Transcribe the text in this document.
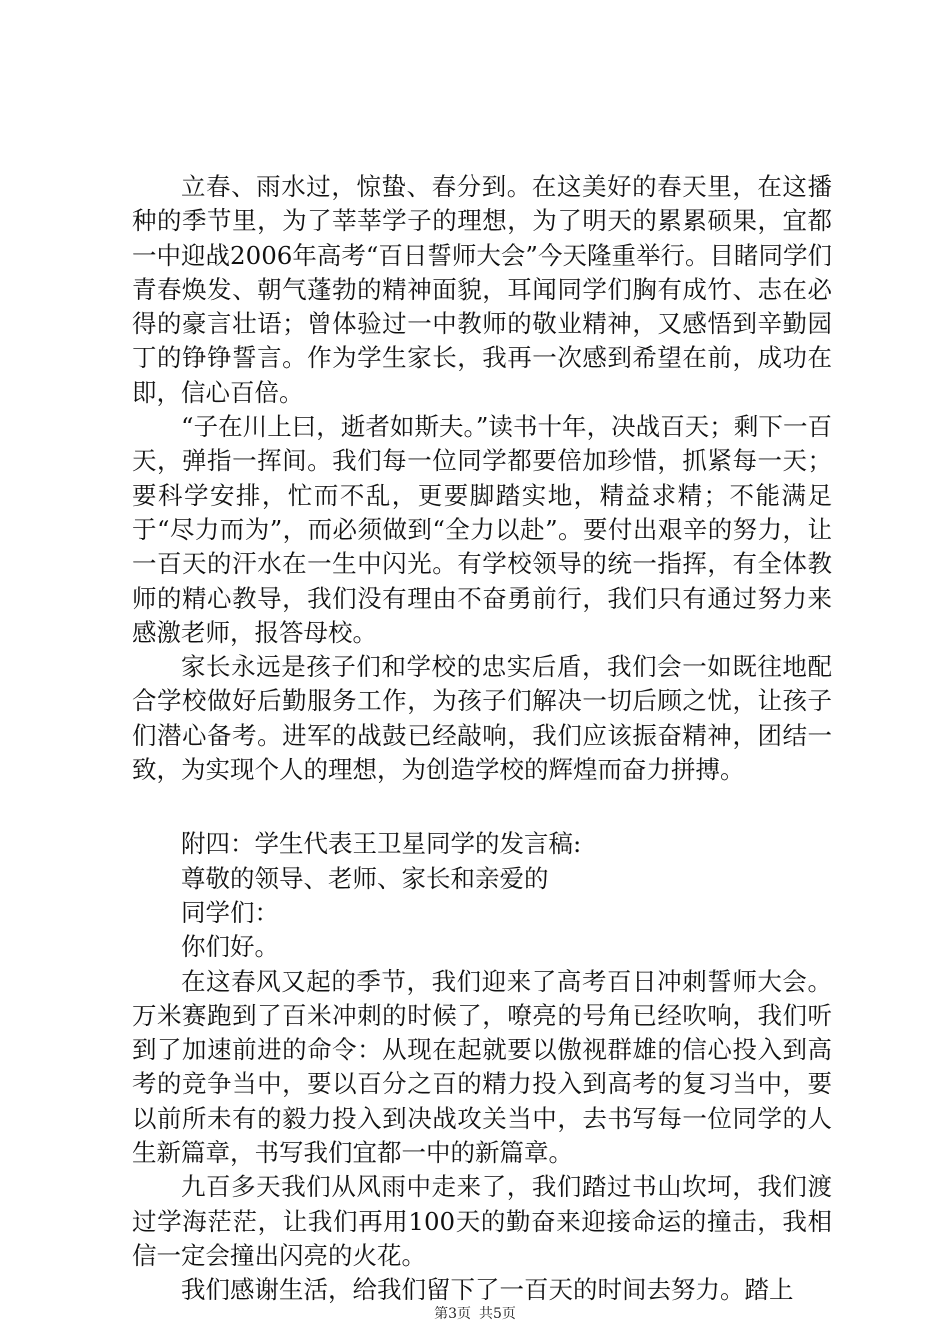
立春、雨水过，惊蛰、春分到。在这美好的春天里，在这播种的季节里，为了莘莘学子的理想，为了明天的累累硕果，宜都一中迎战2006年高考“百日誓师大会”今天隆重举行。目睹同学们青春焕发、朝气蓬勃的精神面貌，耳闻同学们胸有成竹、志在必得的豪言壮语；曾体验过一中教师的敬业精神，又感悟到辛勤园丁的铮铮誓言。作为学生家长，我再一次感到希望在前，成功在即，信心百倍。

“子在川上曰，逝者如斯夫。”读书十年，决战百天；剩下一百天，弹指一挥间。我们每一位同学都要倍加珍惜，抓紧每一天；要科学安排，忙而不乱，更要脚踏实地，精益求精；不能满足于“尽力而为”，而必须做到“全力以赴”。要付出艰辛的努力，让一百天的汗水在一生中闪光。有学校领导的统一指挥，有全体教师的精心教导，我们没有理由不奋勇前行，我们只有通过努力来感激老师，报答母校。

家长永远是孩子们和学校的忠实后盾，我们会一如既往地配合学校做好后勤服务工作，为孩子们解决一切后顾之忧，让孩子们潜心备考。进军的战鼓已经敲响，我们应该振奋精神，团结一致，为实现个人的理想，为创造学校的辉煌而奋力拼搏。

附四：学生代表王卫星同学的发言稿:

尊敬的领导、老师、家长和亲爱的

同学们：

你们好。

在这春风又起的季节，我们迎来了高考百日冲刺誓师大会。万米赛跑到了百米冲刺的时候了，嘹亮的号角已经吹响，我们听到了加速前进的命令：从现在起就要以傲视群雄的信心投入到高考的竞争当中，要以百分之百的精力投入到高考的复习当中，要以前所未有的毅力投入到决战攻关当中，去书写每一位同学的人生新篇章，书写我们宜都一中的新篇章。

九百多天我们从风雨中走来了，我们踏过书山坎坷，我们渡过学海茫茫，让我们再用100天的勤奋来迎接命运的撞击，我相信一定会撞出闪亮的火花。

我们感谢生活，给我们留下了一百天的时间去努力。踏上

第3页 共5页
